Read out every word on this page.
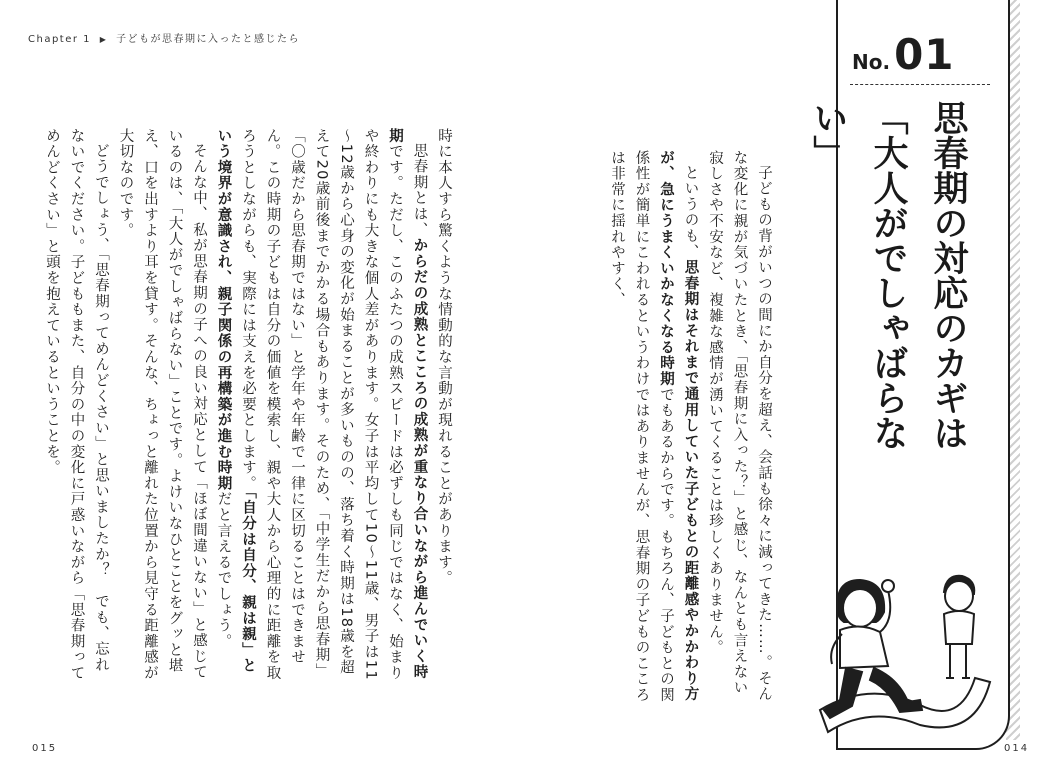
Chapter 1 ▶ 子どもが思春期に入ったと感じたら

子どもの背がいつの間にか自分を超え、会話も徐々に減ってきた……。そんな変化に親が気づいたとき、「思春期に入った？」と感じ、なんとも言えない寂しさや不安など、複雑な感情が湧いてくることは珍しくありません。

というのも、思春期はそれまで通用していた子どもとの距離感やかかわり方が、急にうまくいかなくなる時期でもあるからです。もちろん、子どもとの関係性が簡単にこわれるというわけではありませんが、思春期の子どものこころは非常に揺れやすく、

時に本人すら驚くような情動的な言動が現れることがあります。

思春期とは、からだの成熟とこころの成熟が重なり合いながら進んでいく時期です。ただし、このふたつの成熟スピードは必ずしも同じではなく、始まりや終わりにも大きな個人差があります。女子は平均して10～11歳、男子は11～12歳から心身の変化が始まることが多いものの、落ち着く時期は18歳を超えて20歳前後までかかる場合もあります。そのため、「中学生だから思春期」「〇歳だから思春期ではない」と学年や年齢で一律に区切ることはできません。この時期の子どもは自分の価値を模索し、親や大人から心理的に距離を取ろうとしながらも、実際には支えを必要とします。「自分は自分、親は親」という境界が意識され、親子関係の再構築が進む時期だと言えるでしょう。

そんな中、私が思春期の子への良い対応として「ほぼ間違いない」と感じているのは、「大人がでしゃばらない」ことです。よけいなひとことをグッと堪え、口を出すより耳を貸す。そんな、ちょっと離れた位置から見守る距離感が大切なのです。

どうでしょう、「思春期ってめんどくさい」と思いましたか？　でも、忘れないでください。子どももまた、自分の中の変化に戸惑いながら「思春期ってめんどくさい」と頭を抱えているということを。

No.01
思春期の対応のカギは
「大人がでしゃばらない」
015	014
